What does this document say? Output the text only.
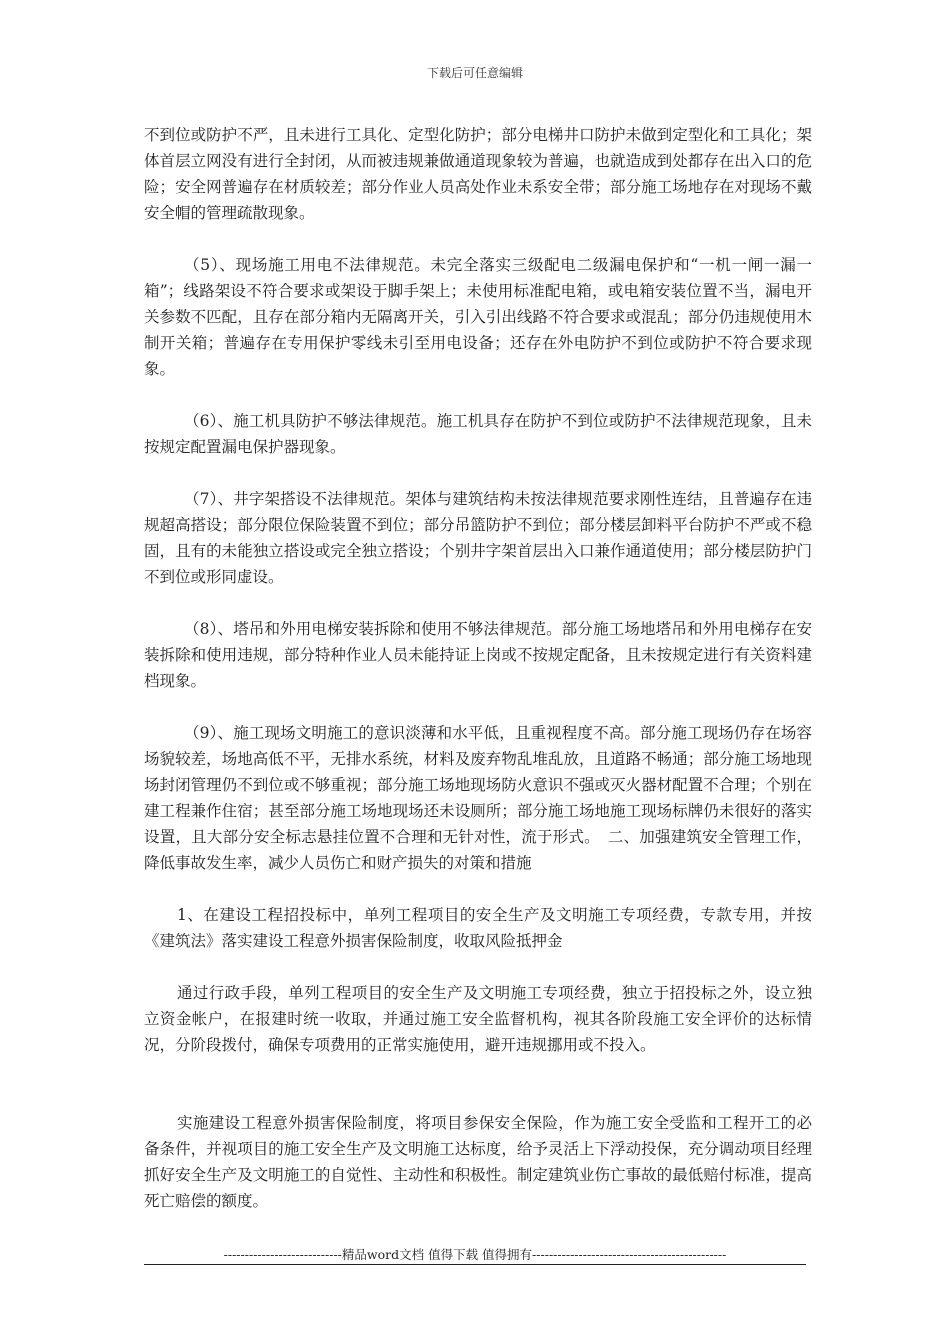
下载后可任意编辑

不到位或防护不严，且未进行工具化、定型化防护；部分电梯井口防护未做到定型化和工具化；架体首层立网没有进行全封闭，从而被违规兼做通道现象较为普遍，也就造成到处都存在出入口的危险；安全网普遍存在材质较差；部分作业人员高处作业未系安全带；部分施工场地存在对现场不戴安全帽的管理疏散现象。

（5）、现场施工用电不法律规范。未完全落实三级配电二级漏电保护和“一机一闸一漏一箱”；线路架设不符合要求或架设于脚手架上；未使用标准配电箱，或电箱安装位置不当，漏电开关参数不匹配，且存在部分箱内无隔离开关，引入引出线路不符合要求或混乱；部分仍违规使用木制开关箱；普遍存在专用保护零线未引至用电设备；还存在外电防护不到位或防护不符合要求现象。

（6）、施工机具防护不够法律规范。施工机具存在防护不到位或防护不法律规范现象，且未按规定配置漏电保护器现象。

（7）、井字架搭设不法律规范。架体与建筑结构未按法律规范要求刚性连结，且普遍存在违规超高搭设；部分限位保险装置不到位；部分吊篮防护不到位；部分楼层卸料平台防护不严或不稳固，且有的未能独立搭设或完全独立搭设；个别井字架首层出入口兼作通道使用；部分楼层防护门不到位或形同虚设。

（8）、塔吊和外用电梯安装拆除和使用不够法律规范。部分施工场地塔吊和外用电梯存在安装拆除和使用违规，部分特种作业人员未能持证上岗或不按规定配备，且未按规定进行有关资料建档现象。

（9）、施工现场文明施工的意识淡薄和水平低，且重视程度不高。部分施工现场仍存在场容场貌较差，场地高低不平，无排水系统，材料及废弃物乱堆乱放，且道路不畅通；部分施工场地现场封闭管理仍不到位或不够重视；部分施工场地现场防火意识不强或灭火器材配置不合理；个别在建工程兼作住宿；甚至部分施工场地现场还未设厕所；部分施工场地施工现场标牌仍未很好的落实设置，且大部分安全标志悬挂位置不合理和无针对性，流于形式。　二、加强建筑安全管理工作，降低事故发生率，减少人员伤亡和财产损失的对策和措施

1、在建设工程招投标中，单列工程项目的安全生产及文明施工专项经费，专款专用，并按《建筑法》落实建设工程意外损害保险制度，收取风险抵押金

通过行政手段，单列工程项目的安全生产及文明施工专项经费，独立于招投标之外，设立独立资金帐户，在报建时统一收取，并通过施工安全监督机构，视其各阶段施工安全评价的达标情况，分阶段拨付，确保专项费用的正常实施使用，避开违规挪用或不投入。

实施建设工程意外损害保险制度，将项目参保安全保险，作为施工安全受监和工程开工的必备条件，并视项目的施工安全生产及文明施工达标度，给予灵活上下浮动投保，充分调动项目经理抓好安全生产及文明施工的自觉性、主动性和积极性。制定建筑业伤亡事故的最低赔付标准，提高死亡赔偿的额度。

----------------------------精品word文档 值得下载 值得拥有----------------------------------------------
